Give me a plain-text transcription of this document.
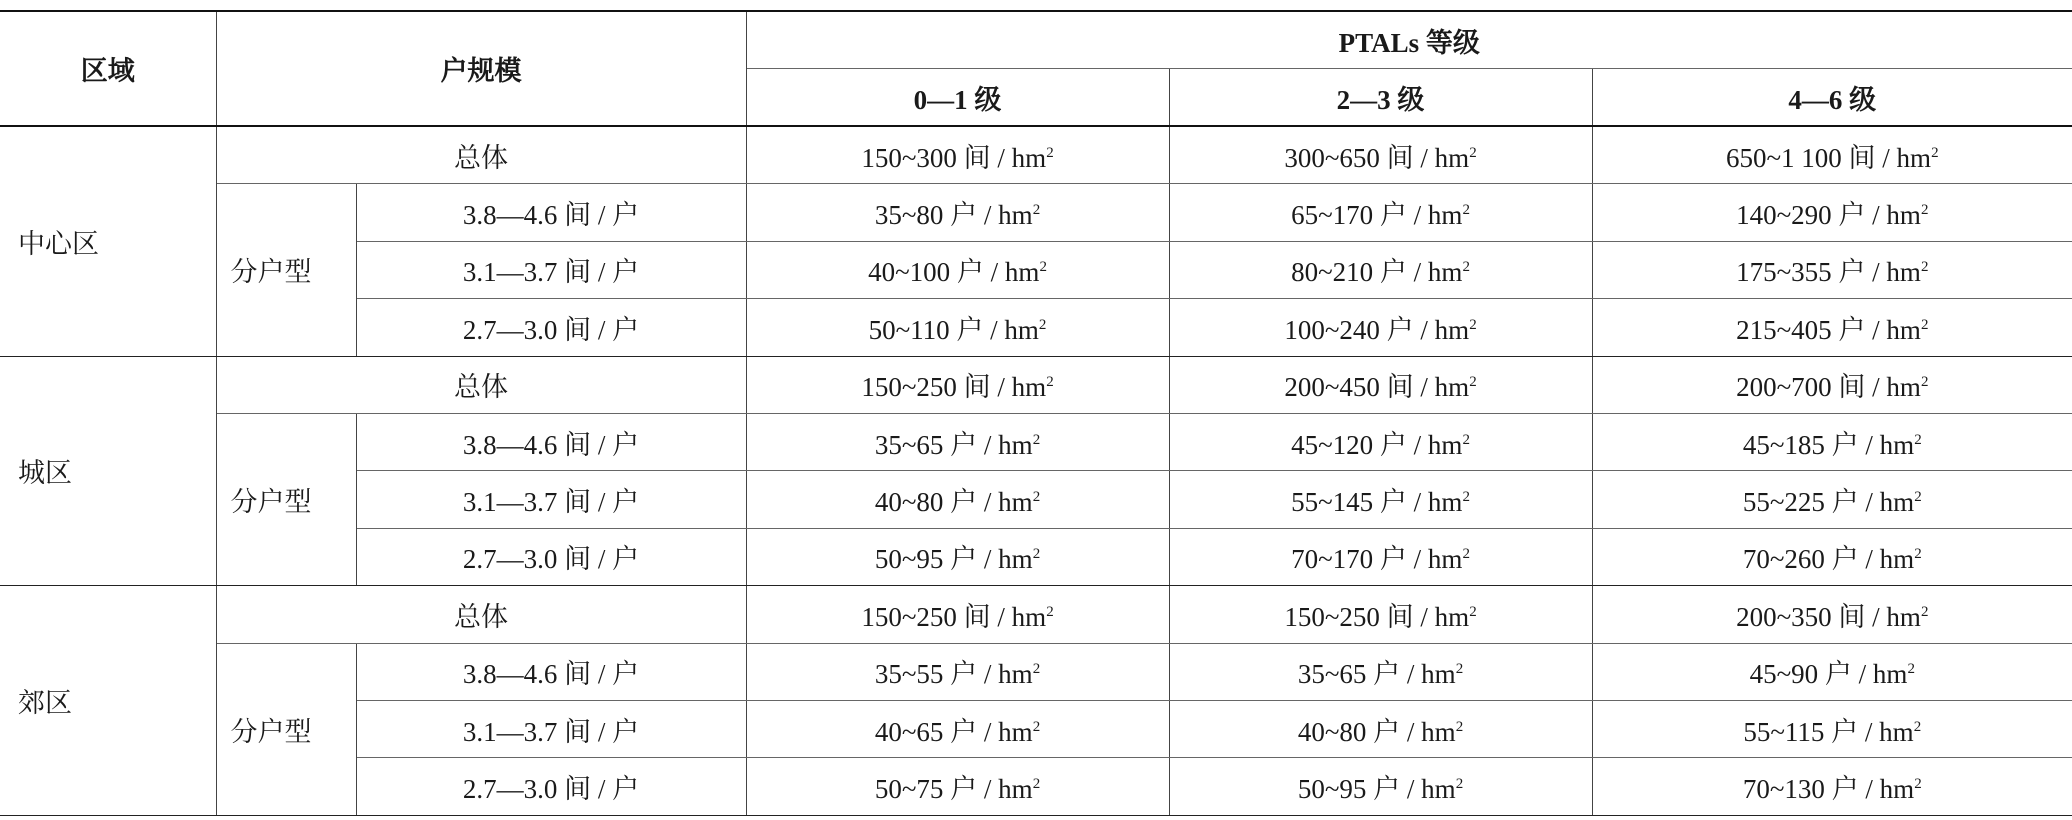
区域	户规模		PTALs 等级		
			0—1 级	2—3 级	4—6 级
中心区	总体		150~300 间 / $hm^2$	300~650 间 / $hm^2$	650~1 100 间 / $hm^2$
	分户型	3.8—4.6 间 / 户	35~80 户 / $hm^2$	65~170 户 / $hm^2$	140~290 户 / $hm^2$
		3.1—3.7 间 / 户	40~100 户 / $hm^2$	80~210 户 / $hm^2$	175~355 户 / $hm^2$
		2.7—3.0 间 / 户	50~110 户 / $hm^2$	100~240 户 / $hm^2$	215~405 户 / $hm^2$
城区	总体		150~250 间 / $hm^2$	200~450 间 / $hm^2$	200~700 间 / $hm^2$
	分户型	3.8—4.6 间 / 户	35~65 户 / $hm^2$	45~120 户 / $hm^2$	45~185 户 / $hm^2$
		3.1—3.7 间 / 户	40~80 户 / $hm^2$	55~145 户 / $hm^2$	55~225 户 / $hm^2$
		2.7—3.0 间 / 户	50~95 户 / $hm^2$	70~170 户 / $hm^2$	70~260 户 / $hm^2$
郊区	总体		150~250 间 / $hm^2$	150~250 间 / $hm^2$	200~350 间 / $hm^2$
	分户型	3.8—4.6 间 / 户	35~55 户 / $hm^2$	35~65 户 / $hm^2$	45~90 户 / $hm^2$
		3.1—3.7 间 / 户	40~65 户 / $hm^2$	40~80 户 / $hm^2$	55~115 户 / $hm^2$
		2.7—3.0 间 / 户	50~75 户 / $hm^2$	50~95 户 / $hm^2$	70~130 户 / $hm^2$
